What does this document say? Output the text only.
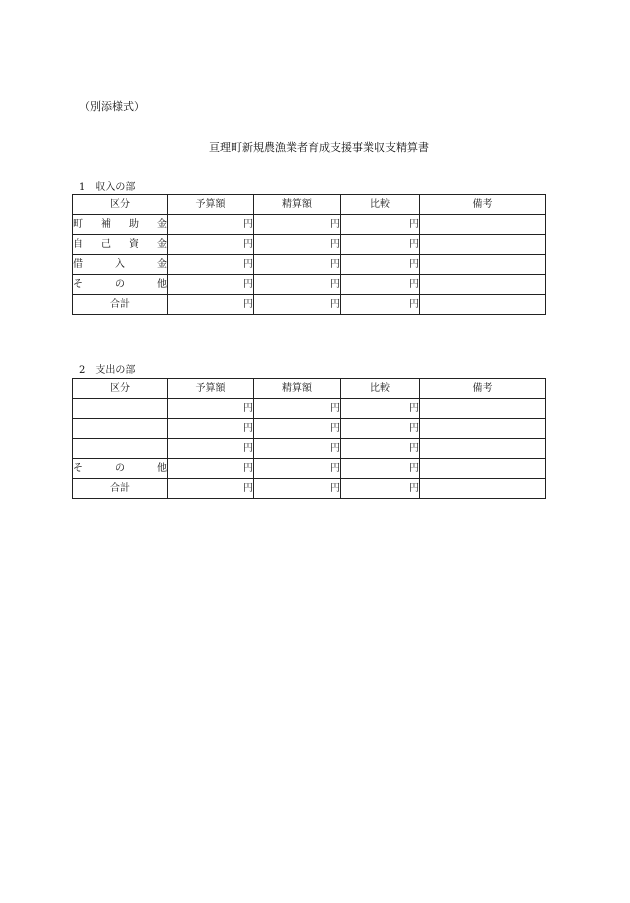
（別添様式）
亘理町新規農漁業者育成支援事業収支精算書
1　収入の部
区分	予算額	精算額	比較	備考
町補助金	円	円	円	
自己資金	円	円	円	
借入金	円	円	円	
その他	円	円	円	
合計	円	円	円	
2　支出の部
区分	予算額	精算額	比較	備考
	円	円	円	
	円	円	円	
	円	円	円	
その他	円	円	円	
合計	円	円	円	
